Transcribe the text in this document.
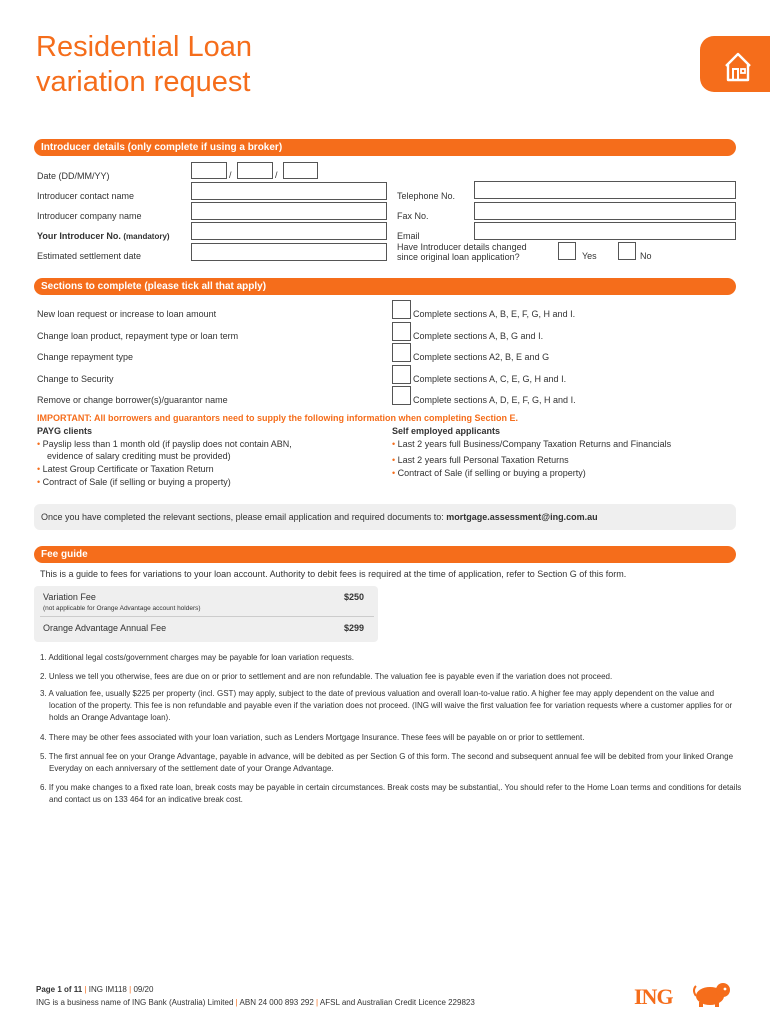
Residential Loan
variation request
Introducer details (only complete if using a broker)
Date (DD/MM/YY)	/	/
Introducer contact name
Introducer company name
Your Introducer No. (mandatory)
Estimated settlement date
Telephone No.
Fax No.
Email
Have Introducer details changed
since original loan application?	Yes	No
Sections to complete (please tick all that apply)
New loan request or increase to loan amount	Complete sections A, B, E, F, G, H and I.
Change loan product, repayment type or loan term	Complete sections A, B, G and I.
Change repayment type	Complete sections A2, B, E and G
Change to Security	Complete sections A, C, E, G, H and I.
Remove or change borrower(s)/guarantor name	Complete sections A, D, E, F, G, H and I.
IMPORTANT: All borrowers and guarantors need to supply the following information when completing Section E.
PAYG clients
• Payslip less than 1 month old (if payslip does not contain ABN,
evidence of salary crediting must be provided)
• Latest Group Certificate or Taxation Return
• Contract of Sale (if selling or buying a property)
Self employed applicants
• Last 2 years full Business/Company Taxation Returns and Financials
• Last 2 years full Personal Taxation Returns
• Contract of Sale (if selling or buying a property)
Once you have completed the relevant sections, please email application and required documents to: mortgage.assessment@ing.com.au
Fee guide
This is a guide to fees for variations to your loan account. Authority to debit fees is required at the time of application, refer to Section G of this form.
Variation Fee
(not applicable for Orange Advantage account holders)
$250
Orange Advantage Annual Fee	$299
1. Additional legal costs/government charges may be payable for loan variation requests.
2. Unless we tell you otherwise, fees are due on or prior to settlement and are non refundable. The valuation fee is payable even if the variation does not proceed.
3. A valuation fee, usually $225 per property (incl. GST) may apply, subject to the date of previous valuation and overall loan-to-value ratio. A higher fee may apply dependent on the value and location of the property. This fee is non refundable and payable even if the variation does not proceed. (ING will waive the first valuation fee for variation requests where a customer applies for or holds an Orange Advantage loan).
4. There may be other fees associated with your loan variation, such as Lenders Mortgage Insurance. These fees will be payable on or prior to settlement.
5. The first annual fee on your Orange Advantage, payable in advance, will be debited as per Section G of this form. The second and subsequent annual fee will be debited from your linked Orange Everyday on each anniversary of the settlement date of your Orange Advantage.
6. If you make changes to a fixed rate loan, break costs may be payable in certain circumstances. Break costs may be substantial,. You should refer to the Home Loan terms and conditions for details and contact us on 133 464 for an indicative break cost.
Page 1 of 11 | ING IM118 | 09/20
ING is a business name of ING Bank (Australia) Limited | ABN 24 000 893 292 | AFSL and Australian Credit Licence 229823	ING
